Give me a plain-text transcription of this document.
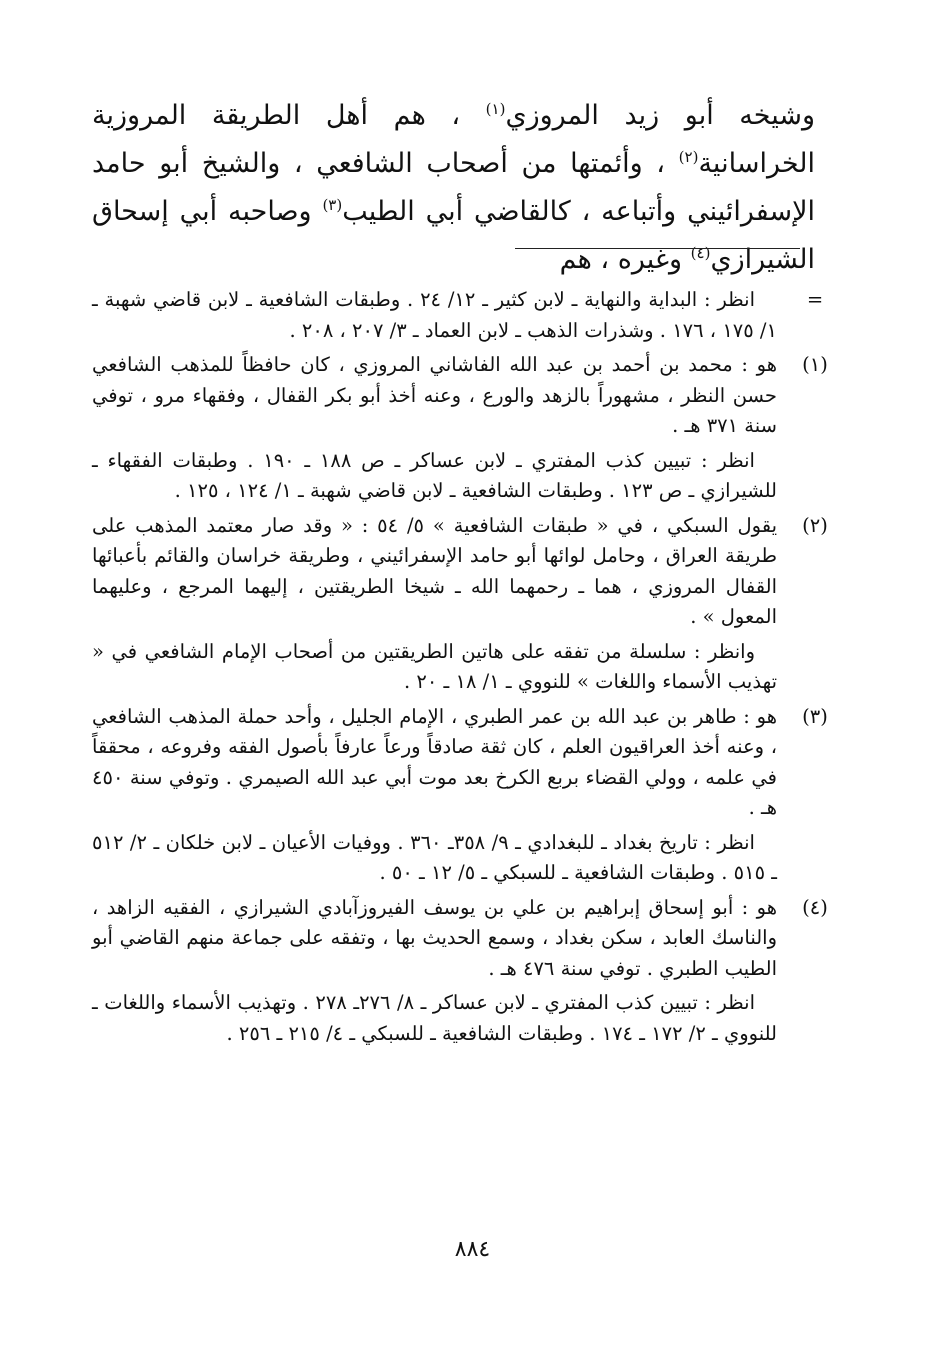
وشيخه أبو زيد المروزي$^{(١)}$ ، هم أهل الطريقة المروزية الخراسانية$^{(٢)}$ ، وأئمتها من أصحاب الشافعي ، والشيخ أبو حامد الإسفرائيني وأتباعه ، كالقاضي أبي الطيب$^{(٣)}$ وصاحبه أبي إسحاق الشيرازي$^{(٤)}$ وغيره ، هم
=
انظر : البداية والنهاية ـ لابن كثير ـ ١٢/ ٢٤ . وطبقات الشافعية ـ لابن قاضي شهبة ـ ١/ ١٧٥ ، ١٧٦ . وشذرات الذهب ـ لابن العماد ـ ٣/ ٢٠٧ ، ٢٠٨ .
(١)
هو : محمد بن أحمد بن عبد الله الفاشاني المروزي ، كان حافظاً للمذهب الشافعي حسن النظر ، مشهوراً بالزهد والورع ، وعنه أخذ أبو بكر القفال ، وفقهاء مرو ، توفي سنة ٣٧١ هـ .
انظر : تبيين كذب المفتري ـ لابن عساكر ـ ص ١٨٨ ـ ١٩٠ . وطبقات الفقهاء ـ للشيرازي ـ ص ١٢٣ . وطبقات الشافعية ـ لابن قاضي شهبة ـ ١/ ١٢٤ ، ١٢٥ .
(٢)
يقول السبكي ، في « طبقات الشافعية » ٥/ ٥٤ : « وقد صار معتمد المذهب على طريقة العراق ، وحامل لوائها أبو حامد الإسفرائيني ، وطريقة خراسان والقائم بأعبائها القفال المروزي ، هما ـ رحمهما الله ـ شيخا الطريقتين ، إليهما المرجع ، وعليهما المعول » .
وانظر : سلسلة من تفقه على هاتين الطريقتين من أصحاب الإمام الشافعي في « تهذيب الأسماء واللغات » للنووي ـ ١/ ١٨ ـ ٢٠ .
(٣)
هو : طاهر بن عبد الله بن عمر الطبري ، الإمام الجليل ، وأحد حملة المذهب الشافعي ، وعنه أخذ العراقيون العلم ، كان ثقة صادقاً ورعاً عارفاً بأصول الفقه وفروعه ، محققاً في علمه ، وولي القضاء بربع الكرخ بعد موت أبي عبد الله الصيمري . وتوفي سنة ٤٥٠ هـ .
انظر : تاريخ بغداد ـ للبغدادي ـ ٩/ ٣٥٨ـ ٣٦٠ . ووفيات الأعيان ـ لابن خلكان ـ ٢/ ٥١٢ ـ ٥١٥ . وطبقات الشافعية ـ للسبكي ـ ٥/ ١٢ ـ ٥٠ .
(٤)
هو : أبو إسحاق إبراهيم بن علي بن يوسف الفيروزآبادي الشيرازي ، الفقيه الزاهد ، والناسك العابد ، سكن بغداد ، وسمع الحديث بها ، وتفقه على جماعة منهم القاضي أبو الطيب الطبري . توفي سنة ٤٧٦ هـ .
انظر : تبيين كذب المفتري ـ لابن عساكر ـ ٨/ ٢٧٦ـ ٢٧٨ . وتهذيب الأسماء واللغات ـ للنووي ـ ٢/ ١٧٢ ـ ١٧٤ . وطبقات الشافعية ـ للسبكي ـ ٤/ ٢١٥ ـ ٢٥٦ .
٨٨٤
